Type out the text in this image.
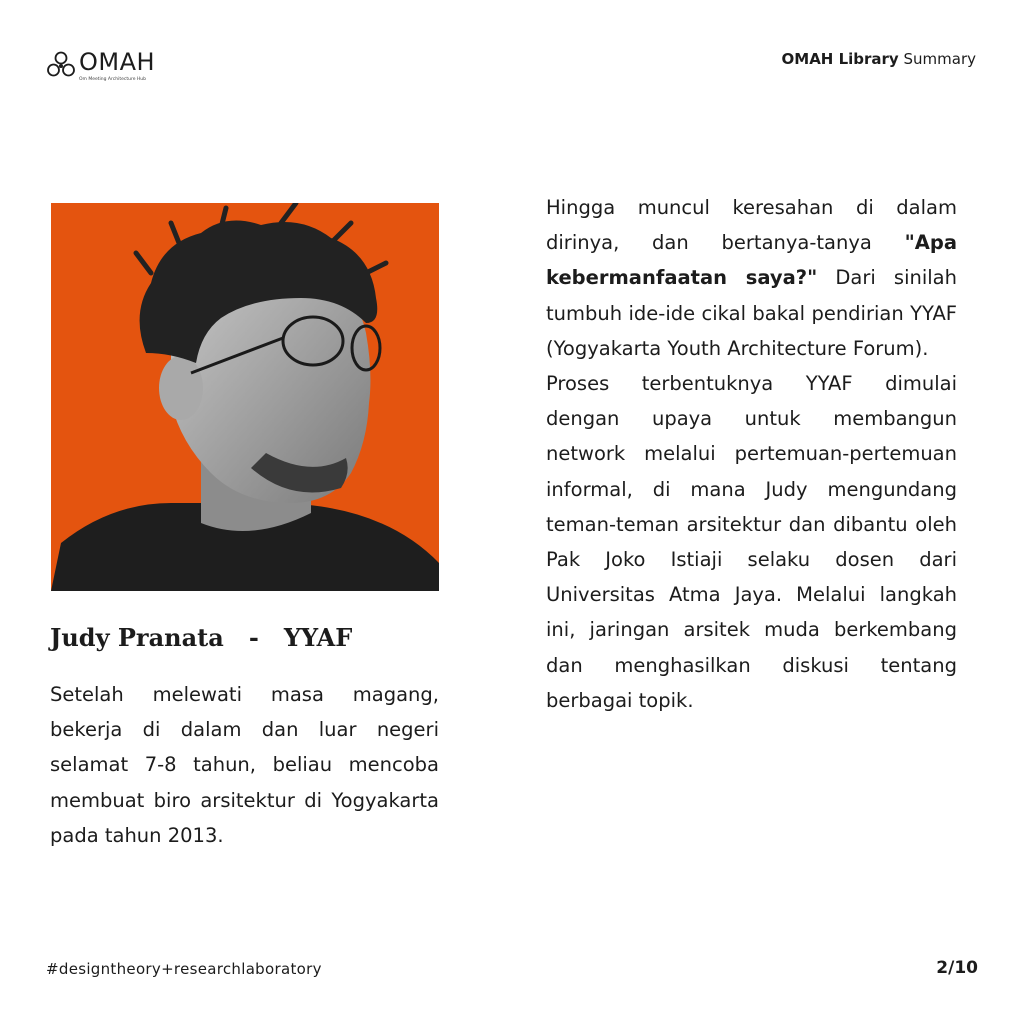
OMAH
Om Meeting Architecture Hub
OMAH Library Summary
Judy Pranata - YYAF

Setelah melewati masa magang, bekerja di dalam dan luar negeri selamat 7-8 tahun, beliau mencoba membuat biro arsitektur di Yogyakarta pada tahun 2013.

Hingga muncul keresahan di dalam dirinya, dan bertanya-tanya "Apa kebermanfaatan saya?" Dari sinilah tumbuh ide-ide cikal bakal pendirian YYAF (Yogyakarta Youth Architecture Forum).

Proses terbentuknya YYAF dimulai dengan upaya untuk membangun network melalui pertemuan-pertemuan informal, di mana Judy mengundang teman-teman arsitektur dan dibantu oleh Pak Joko Istiaji selaku dosen dari Universitas Atma Jaya. Melalui langkah ini, jaringan arsitek muda berkembang dan menghasilkan diskusi tentang berbagai topik.

#designtheory+researchlaboratory	2/10
